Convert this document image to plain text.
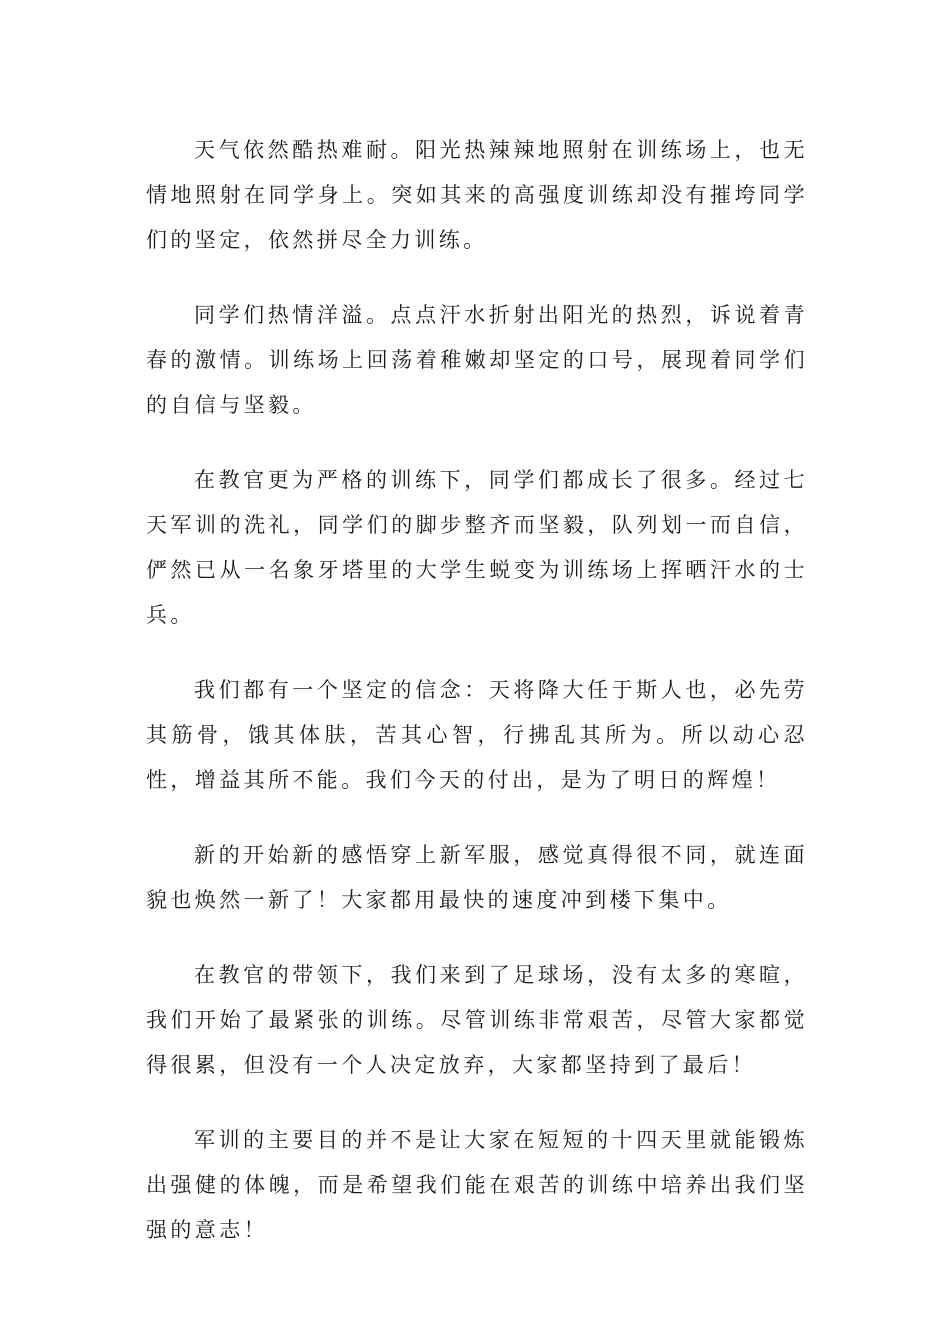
天气依然酷热难耐。阳光热辣辣地照射在训练场上，也无情地照射在同学身上。突如其来的高强度训练却没有摧垮同学们的坚定，依然拼尽全力训练。

同学们热情洋溢。点点汗水折射出阳光的热烈，诉说着青春的激情。训练场上回荡着稚嫩却坚定的口号，展现着同学们的自信与坚毅。

在教官更为严格的训练下，同学们都成长了很多。经过七天军训的洗礼，同学们的脚步整齐而坚毅，队列划一而自信，俨然已从一名象牙塔里的大学生蜕变为训练场上挥晒汗水的士兵。

我们都有一个坚定的信念：天将降大任于斯人也，必先劳其筋骨，饿其体肤，苦其心智，行拂乱其所为。所以动心忍性，增益其所不能。我们今天的付出，是为了明日的辉煌！

新的开始新的感悟穿上新军服，感觉真得很不同，就连面貌也焕然一新了！大家都用最快的速度冲到楼下集中。

在教官的带领下，我们来到了足球场，没有太多的寒暄，我们开始了最紧张的训练。尽管训练非常艰苦，尽管大家都觉得很累，但没有一个人决定放弃，大家都坚持到了最后！

军训的主要目的并不是让大家在短短的十四天里就能锻炼出强健的体魄，而是希望我们能在艰苦的训练中培养出我们坚强的意志！
